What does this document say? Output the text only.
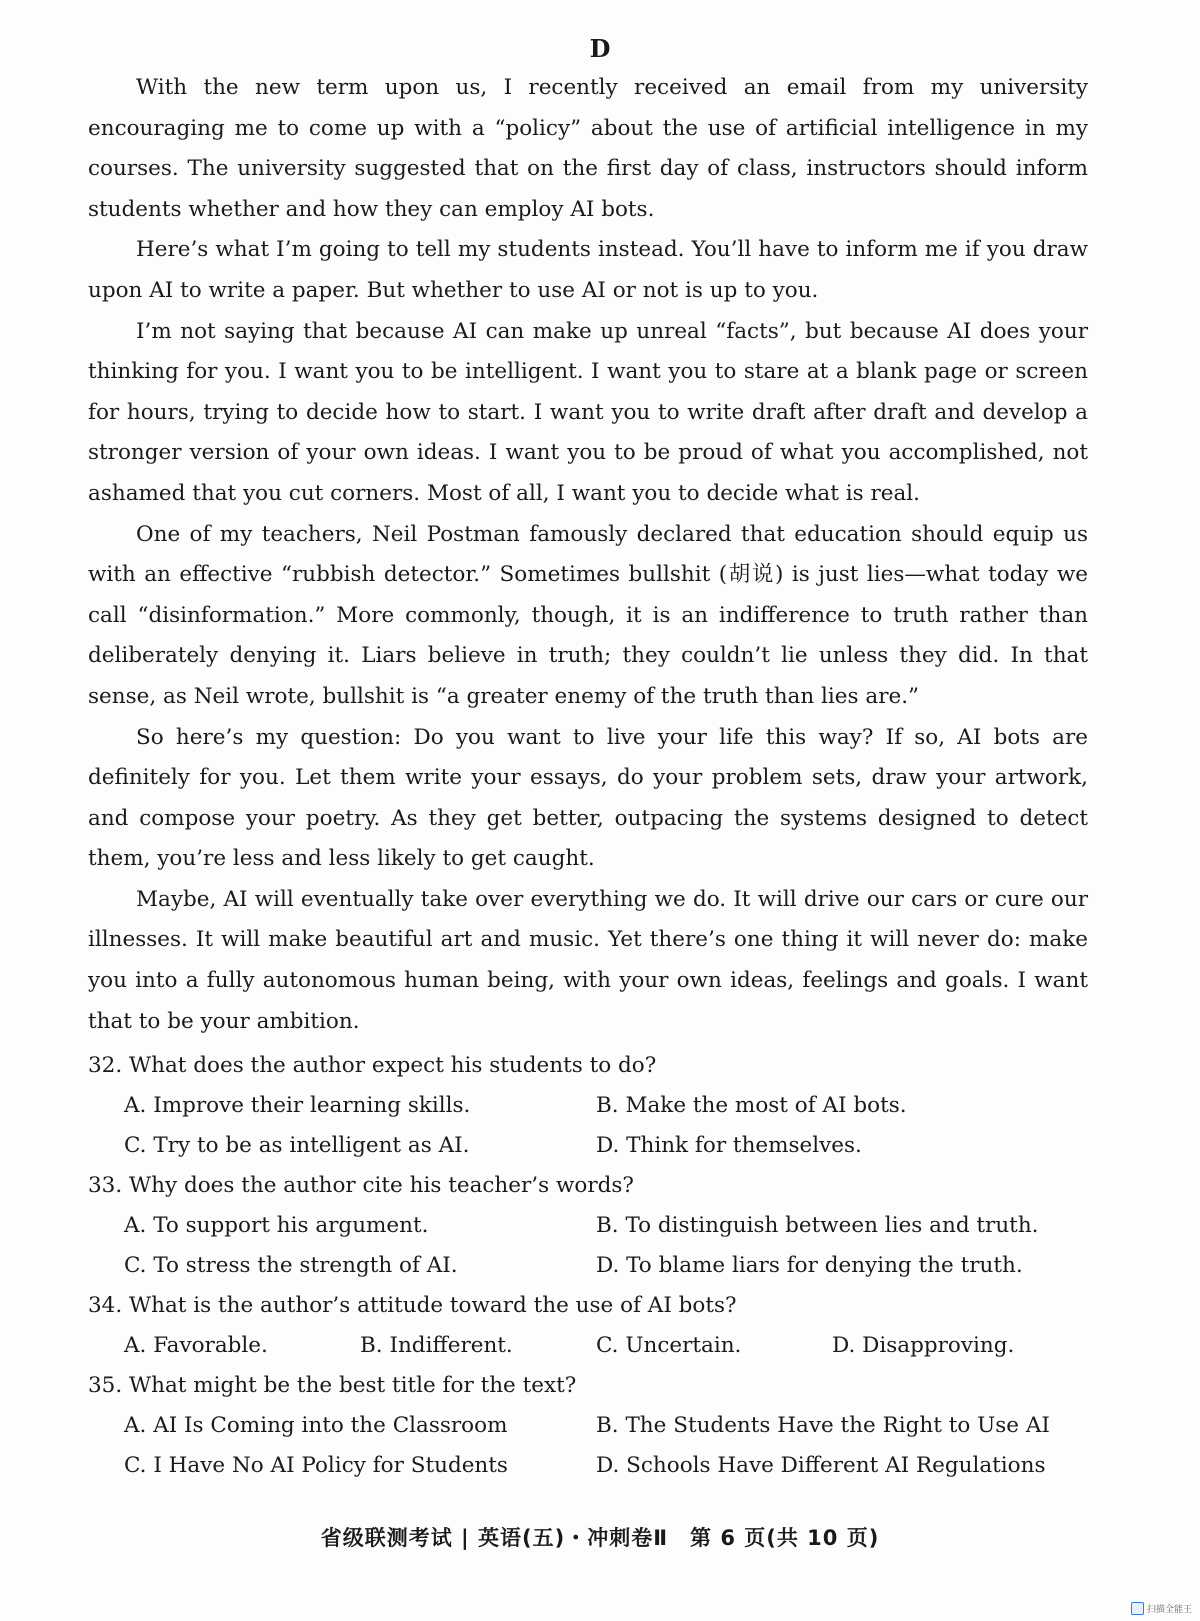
D

With the new term upon us, I recently received an email from my university encouraging me to come up with a “policy” about the use of artificial intelligence in my courses. The university suggested that on the first day of class, instructors should inform students whether and how they can employ AI bots.

Here’s what I’m going to tell my students instead. You’ll have to inform me if you draw upon AI to write a paper. But whether to use AI or not is up to you.

I’m not saying that because AI can make up unreal “facts”, but because AI does your thinking for you. I want you to be intelligent. I want you to stare at a blank page or screen for hours, trying to decide how to start. I want you to write draft after draft and develop a stronger version of your own ideas. I want you to be proud of what you accomplished, not ashamed that you cut corners. Most of all, I want you to decide what is real.

One of my teachers, Neil Postman famously declared that education should equip us with an effective “rubbish detector.” Sometimes bullshit (胡说) is just lies—what today we call “disinformation.” More commonly, though, it is an indifference to truth rather than deliberately denying it. Liars believe in truth; they couldn’t lie unless they did. In that sense, as Neil wrote, bullshit is “a greater enemy of the truth than lies are.”

So here’s my question: Do you want to live your life this way? If so, AI bots are definitely for you. Let them write your essays, do your problem sets, draw your artwork, and compose your poetry. As they get better, outpacing the systems designed to detect them, you’re less and less likely to get caught.

Maybe, AI will eventually take over everything we do. It will drive our cars or cure our illnesses. It will make beautiful art and music. Yet there’s one thing it will never do: make you into a fully autonomous human being, with your own ideas, feelings and goals. I want that to be your ambition.

32. What does the author expect his students to do?
A. Improve their learning skills.	B. Make the most of AI bots.
C. Try to be as intelligent as AI.	D. Think for themselves.
33. Why does the author cite his teacher’s words?
A. To support his argument.	B. To distinguish between lies and truth.
C. To stress the strength of AI.	D. To blame liars for denying the truth.
34. What is the author’s attitude toward the use of AI bots?
A. Favorable.	B. Indifferent.	C. Uncertain.	D. Disapproving.
35. What might be the best title for the text?
A. AI Is Coming into the Classroom	B. The Students Have the Right to Use AI
C. I Have No AI Policy for Students	D. Schools Have Different AI Regulations
省级联测考试 | 英语(五)・冲刺卷Ⅱ　第 6 页(共 10 页)
扫描全能王
